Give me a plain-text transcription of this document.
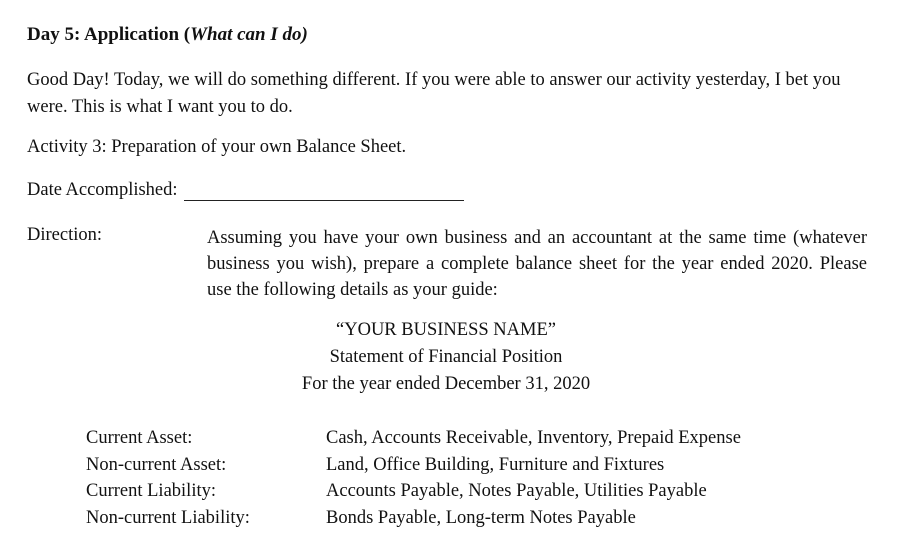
Day 5: Application (What can I do)
Good Day! Today, we will do something different. If you were able to answer our activity yesterday, I bet you were. This is what I want you to do.
Activity 3: Preparation of your own Balance Sheet.
Date Accomplished:
Direction:	Assuming you have your own business and an accountant at the same time (whatever business you wish), prepare a complete balance sheet for the year ended 2020. Please use the following details as your guide:
“YOUR BUSINESS NAME”
Statement of Financial Position
For the year ended December 31, 2020
Current Asset:	Cash, Accounts Receivable, Inventory, Prepaid Expense
Non-current Asset:	Land, Office Building, Furniture and Fixtures
Current Liability:	Accounts Payable, Notes Payable, Utilities Payable
Non-current Liability:	Bonds Payable, Long-term Notes Payable
